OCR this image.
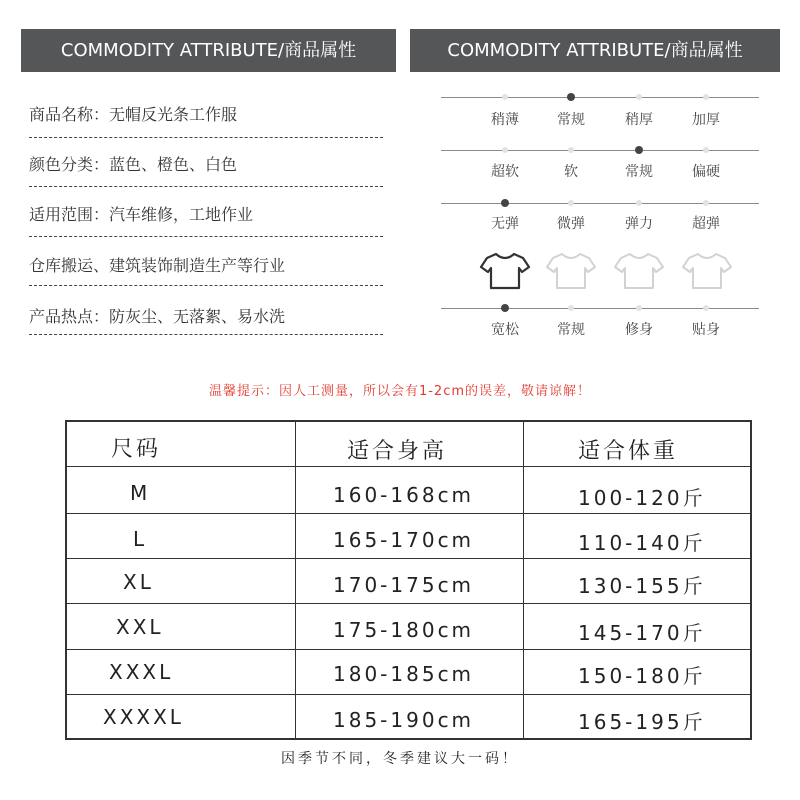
COMMODITY ATTRIBUTE/商品属性	COMMODITY ATTRIBUTE/商品属性
商品名称：无帽反光条工作服
颜色分类：蓝色、橙色、白色
适用范围：汽车维修，工地作业
仓库搬运、建筑装饰制造生产等行业
产品热点：防灰尘、无落絮、易水洗
稍薄	常规	稍厚	加厚
超软	软	常规	偏硬
无弹	微弹	弹力	超弹
宽松	常规	修身	贴身
温馨提示：因人工测量，所以会有1-2cm的误差，敬请谅解！
尺码	适合身高	适合体重
M	160-168cm	100-120斤
L	165-170cm	110-140斤
XL	170-175cm	130-155斤
XXL	175-180cm	145-170斤
XXXL	180-185cm	150-180斤
XXXXL	185-190cm	165-195斤
因季节不同，冬季建议大一码！
